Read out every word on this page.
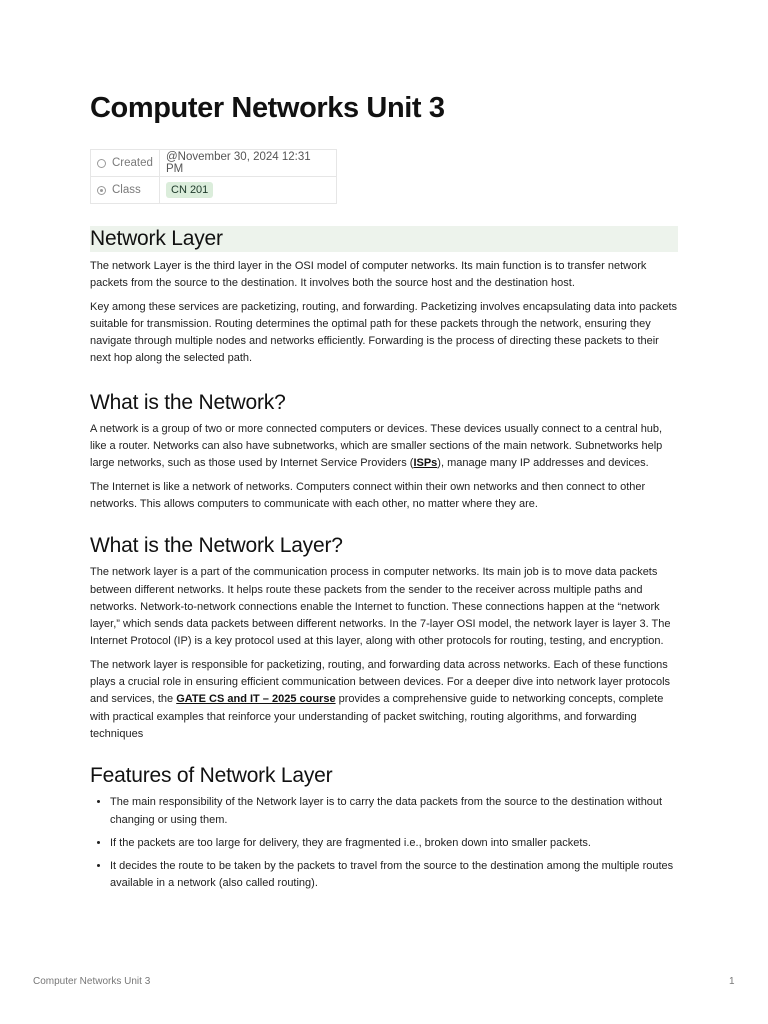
Computer Networks Unit 3
Created	@November 30, 2024 12:31 PM
Class	CN 201
Network Layer

The network Layer is the third layer in the OSI model of computer networks. Its main function is to transfer network packets from the source to the destination. It involves both the source host and the destination host.

Key among these services are packetizing, routing, and forwarding. Packetizing involves encapsulating data into packets suitable for transmission. Routing determines the optimal path for these packets through the network, ensuring they navigate through multiple nodes and networks efficiently. Forwarding is the process of directing these packets to their next hop along the selected path.

What is the Network?

A network is a group of two or more connected computers or devices. These devices usually connect to a central hub, like a router. Networks can also have subnetworks, which are smaller sections of the main network. Subnetworks help large networks, such as those used by Internet Service Providers (ISPs), manage many IP addresses and devices.

The Internet is like a network of networks. Computers connect within their own networks and then connect to other networks. This allows computers to communicate with each other, no matter where they are.

What is the Network Layer?

The network layer is a part of the communication process in computer networks. Its main job is to move data packets between different networks. It helps route these packets from the sender to the receiver across multiple paths and networks. Network-to-network connections enable the Internet to function. These connections happen at the “network layer,” which sends data packets between different networks. In the 7-layer OSI model, the network layer is layer 3. The Internet Protocol (IP) is a key protocol used at this layer, along with other protocols for routing, testing, and encryption.

The network layer is responsible for packetizing, routing, and forwarding data across networks. Each of these functions plays a crucial role in ensuring efficient communication between devices. For a deeper dive into network layer protocols and services, the GATE CS and IT – 2025 course provides a comprehensive guide to networking concepts, complete with practical examples that reinforce your understanding of packet switching, routing algorithms, and forwarding techniques

Features of Network Layer
• The main responsibility of the Network layer is to carry the data packets from the source to the destination without changing or using them.
• If the packets are too large for delivery, they are fragmented i.e., broken down into smaller packets.
• It decides the route to be taken by the packets to travel from the source to the destination among the multiple routes available in a network (also called routing).
Computer Networks Unit 3	1
